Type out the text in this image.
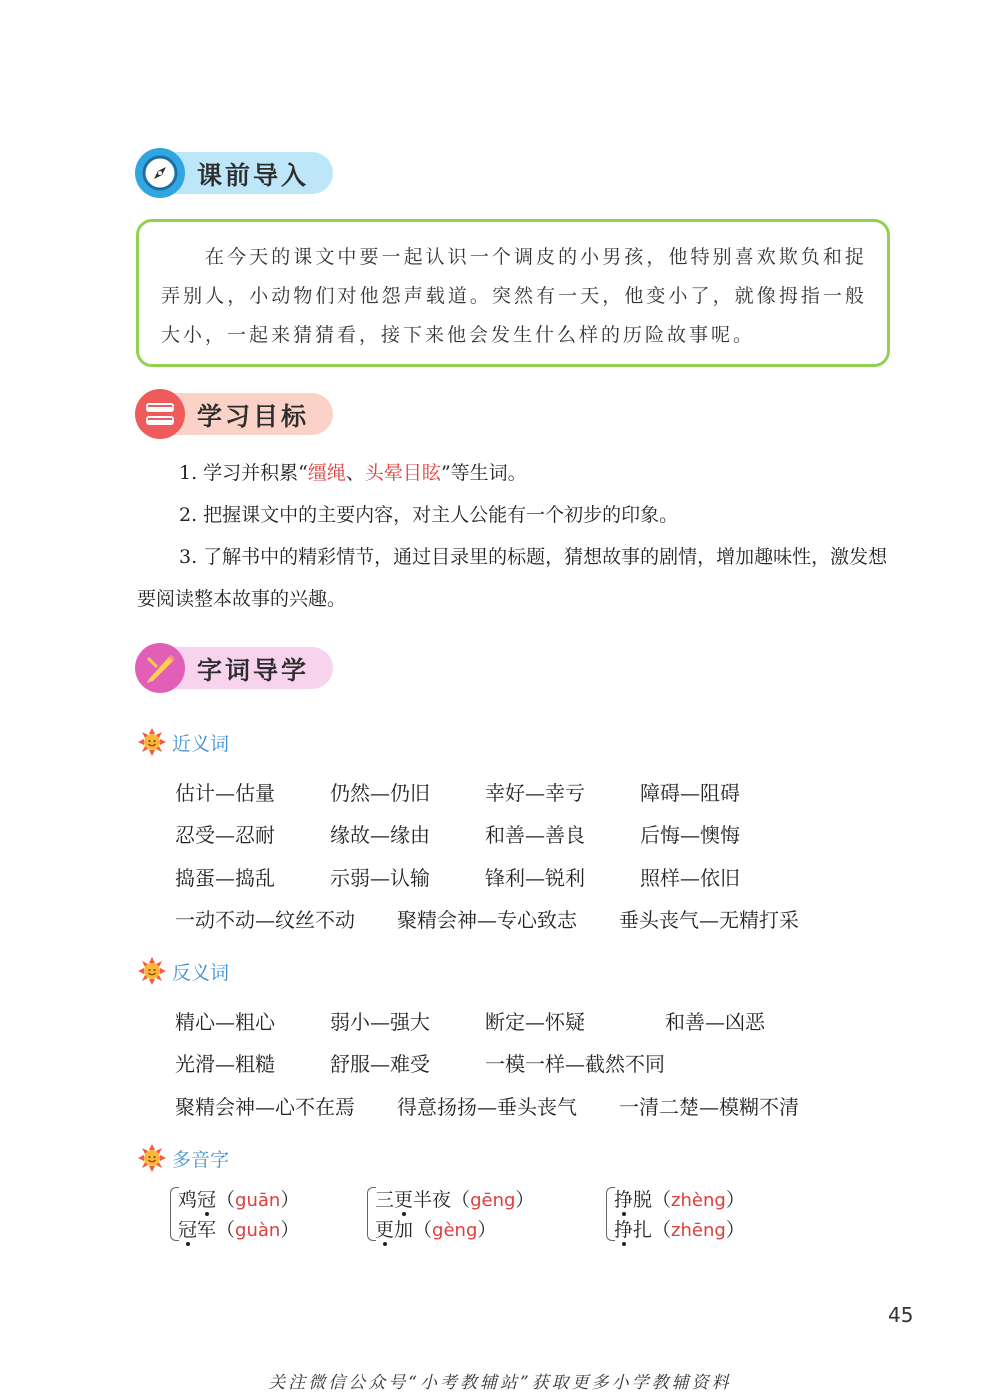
课前导入

在今天的课文中要一起认识一个调皮的小男孩，他特别喜欢欺负和捉弄别人，小动物们对他怨声载道。突然有一天，他变小了，就像拇指一般大小，一起来猜猜看，接下来他会发生什么样的历险故事呢。

学习目标

1. 学习并积累“缰绳、头晕目眩”等生词。

2. 把握课文中的主要内容，对主人公能有一个初步的印象。

3. 了解书中的精彩情节，通过目录里的标题，猜想故事的剧情，增加趣味性，激发想要阅读整本故事的兴趣。

字词导学
近义词
估计—估量	仍然—仍旧	幸好—幸亏	障碍—阻碍
忍受—忍耐	缘故—缘由	和善—善良	后悔—懊悔
捣蛋—捣乱	示弱—认输	锋利—锐利	照样—依旧
一动不动—纹丝不动 聚精会神—专心致志 垂头丧气—无精打采
反义词
精心—粗心	弱小—强大	断定—怀疑	和善—凶恶
光滑—粗糙	舒服—难受	一模一样—截然不同
聚精会神—心不在焉 得意扬扬—垂头丧气 一清二楚—模糊不清
多音字
鸡冠（guān）
冠军（guàn）
三更半夜（gēng）
更加（gèng）
挣脱（zhèng）
挣扎（zhēng）
45
关注微信公众号“小考教辅站”获取更多小学教辅资料
